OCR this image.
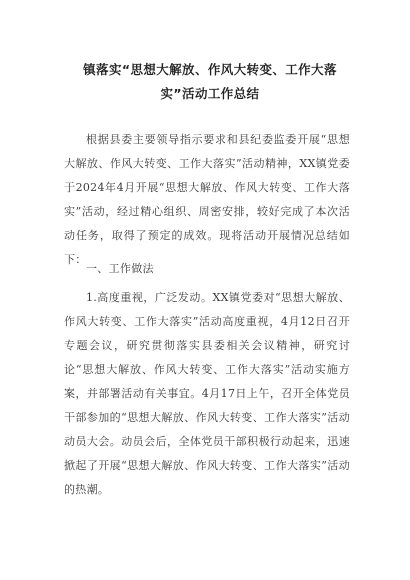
镇落实“思想大解放、作风大转变、工作大落实”活动工作总结
根据县委主要领导指示要求和县纪委监委开展“思想大解放、作风大转变、工作大落实”活动精神，XX镇党委于2024年4月开展“思想大解放、作风大转变、工作大落实”活动，经过精心组织、周密安排，较好完成了本次活动任务，取得了预定的成效。现将活动开展情况总结如下：
一、工作做法
1.高度重视，广泛发动。XX镇党委对“思想大解放、作风大转变、工作大落实”活动高度重视，4月12日召开专题会议，研究贯彻落实县委相关会议精神，研究讨论“思想大解放、作风大转变、工作大落实”活动实施方案，并部署活动有关事宜。4月17日上午，召开全体党员干部参加的“思想大解放、作风大转变、工作大落实”活动动员大会。动员会后，全体党员干部积极行动起来，迅速掀起了开展“思想大解放、作风大转变、工作大落实”活动的热潮。
